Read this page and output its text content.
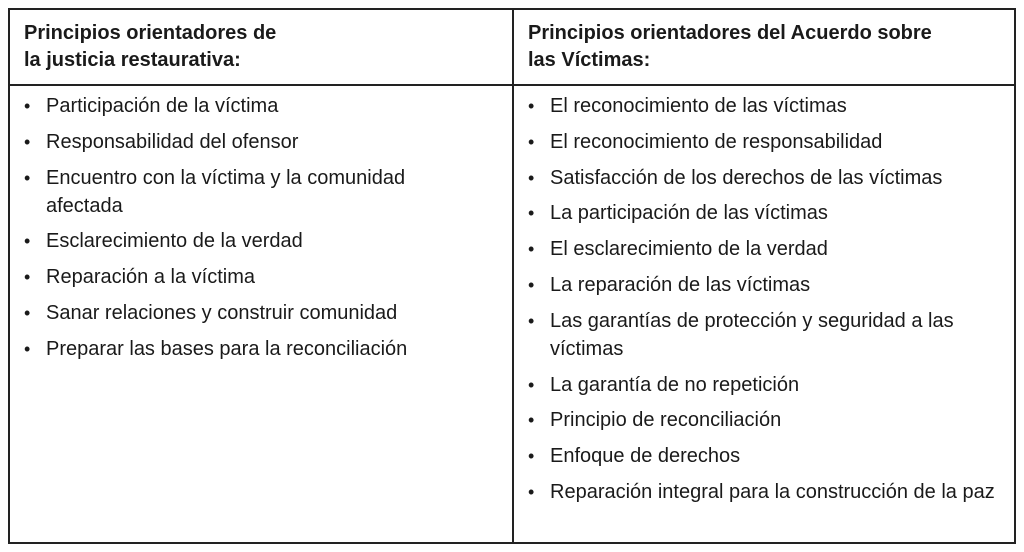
Principios orientadores de
la justicia restaurativa:
Principios orientadores del Acuerdo sobre
las Víctimas:
• Participación de la víctima
• Responsabilidad del ofensor
• Encuentro con la víctima y la comunidad afectada
• Esclarecimiento de la verdad
• Reparación a la víctima
• Sanar relaciones y construir comunidad
• Preparar las bases para la reconciliación
• El reconocimiento de las víctimas
• El reconocimiento de responsabilidad
• Satisfacción de los derechos de las víctimas
• La participación de las víctimas
• El esclarecimiento de la verdad
• La reparación de las víctimas
• Las garantías de protección y seguridad a las víctimas
• La garantía de no repetición
• Principio de reconciliación
• Enfoque de derechos
• Reparación integral para la construcción de la paz
